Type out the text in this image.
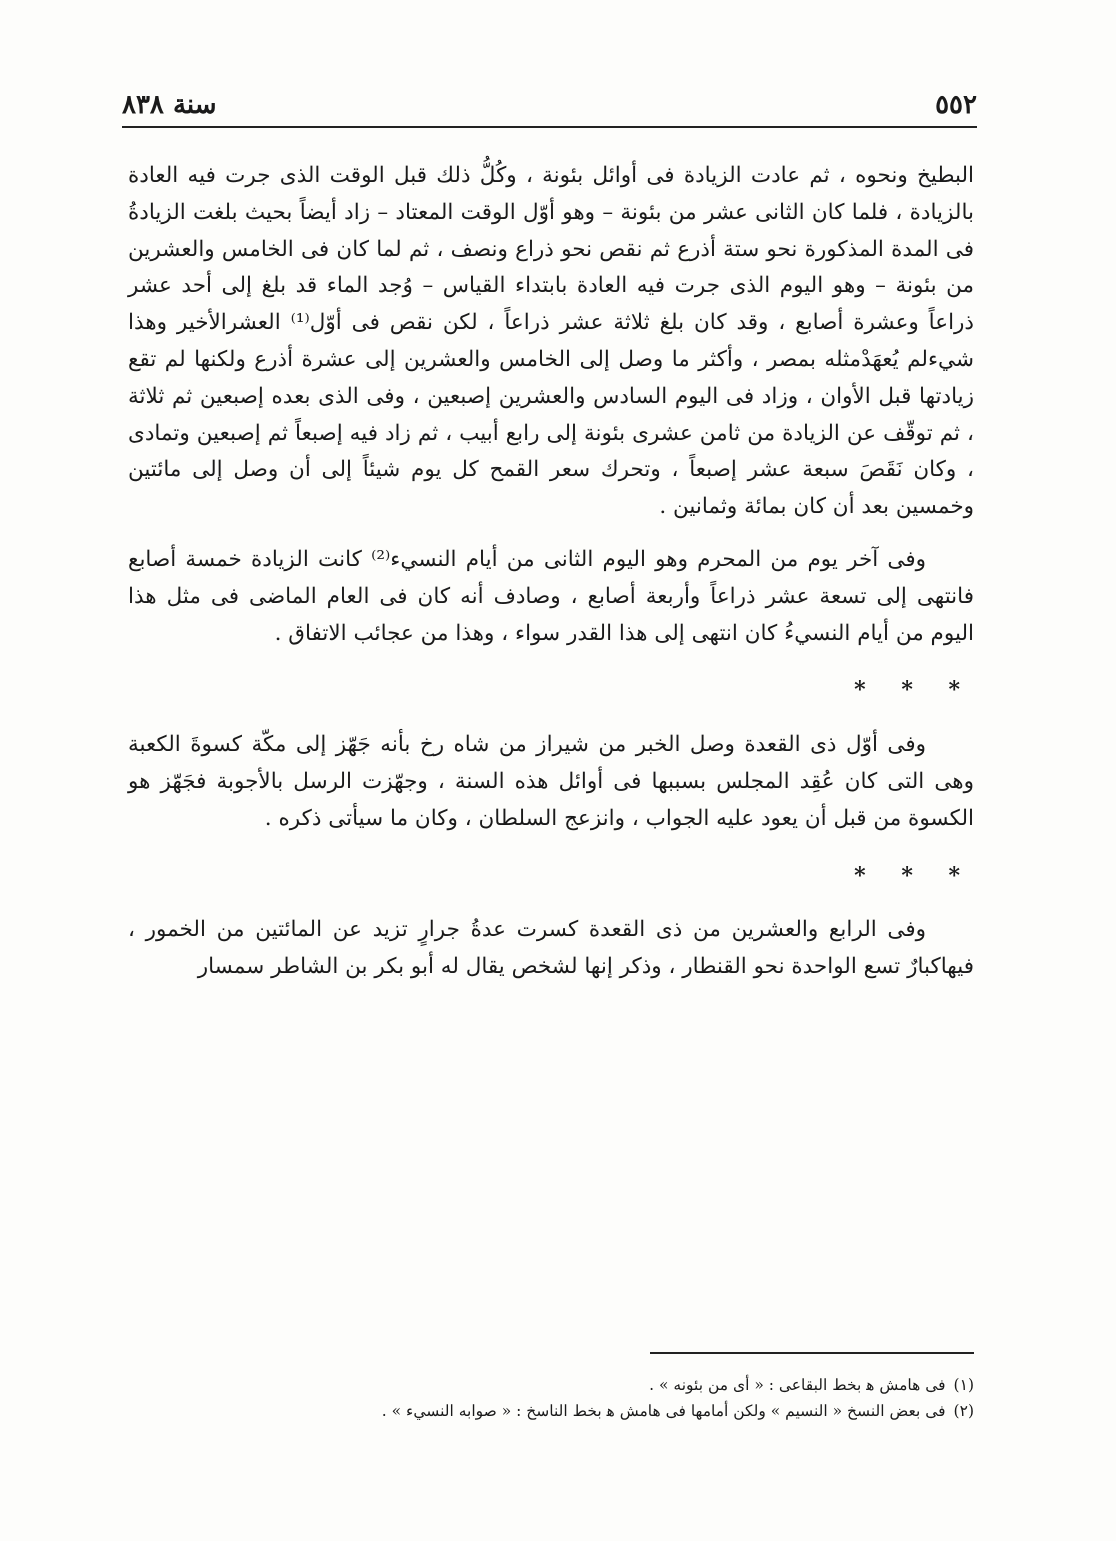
٥٥٢
سنة ٨٣٨

البطيخ ونحوه ، ثم عادت الزيادة فى أوائل بئونة ، وكُلُّ ذلك قبل الوقت الذى جرت فيه العادة بالزيادة ، فلما كان الثانى عشر من بئونة – وهو أوّل الوقت المعتاد – زاد أيضاً بحيث بلغت الزيادةُ فى المدة المذكورة نحو ستة أذرع ثم نقص نحو ذراع ونصف ، ثم لما كان فى الخامس والعشرين من بئونة – وهو اليوم الذى جرت فيه العادة بابتداء القياس – وُجد الماء قد بلغ إلى أحد عشر ذراعاً وعشرة أصابع ، وقد كان بلغ ثلاثة عشر ذراعاً ، لكن نقص فى أوّل⁽¹⁾ العشرالأخير وهذا شيءلم يُعهَدْمثله بمصر ، وأكثر ما وصل إلى الخامس والعشرين إلى عشرة أذرع ولكنها لم تقع زيادتها قبل الأوان ، وزاد فى اليوم السادس والعشرين إصبعين ، وفى الذى بعده إصبعين ثم ثلاثة ، ثم توقّف عن الزيادة من ثامن عشرى بئونة إلى رابع أبيب ، ثم زاد فيه إصبعاً ثم إصبعين وتمادى ، وكان نَقَصَ سبعة عشر إصبعاً ، وتحرك سعر القمح كل يوم شيئاً إلى أن وصل إلى مائتين وخمسين بعد أن كان بمائة وثمانين .

وفى آخر يوم من المحرم وهو اليوم الثانى من أيام النسيء⁽²⁾ كانت الزيادة خمسة أصابع فانتهى إلى تسعة عشر ذراعاً وأربعة أصابع ، وصادف أنه كان فى العام الماضى فى مثل هذا اليوم من أيام النسيءُ كان انتهى إلى هذا القدر سواء ، وهذا من عجائب الاتفاق .

* * *

وفى أوّل ذى القعدة وصل الخبر من شيراز من شاه رخ بأنه جَهّز إلى مكّة كسوةَ الكعبة وهى التى كان عُقِد المجلس بسببها فى أوائل هذه السنة ، وجهّزت الرسل بالأجوبة فجَهّز هو الكسوة من قبل أن يعود عليه الجواب ، وانزعج السلطان ، وكان ما سيأتى ذكره .

* * *

وفى الرابع والعشرين من ذى القعدة كسرت عدةُ جرارٍ تزيد عن المائتين من الخمور ، فيهاكبارٌ تسع الواحدة نحو القنطار ، وذكر إنها لشخص يقال له أبو بكر بن الشاطر سمسار

(١)فى هامش ﻫ بخط البقاعى : « أى من بئونه » .

(٢)فى بعض النسخ « النسيم » ولكن أمامها فى هامش ﻫ بخط الناسخ : « صوابه النسيء » .
